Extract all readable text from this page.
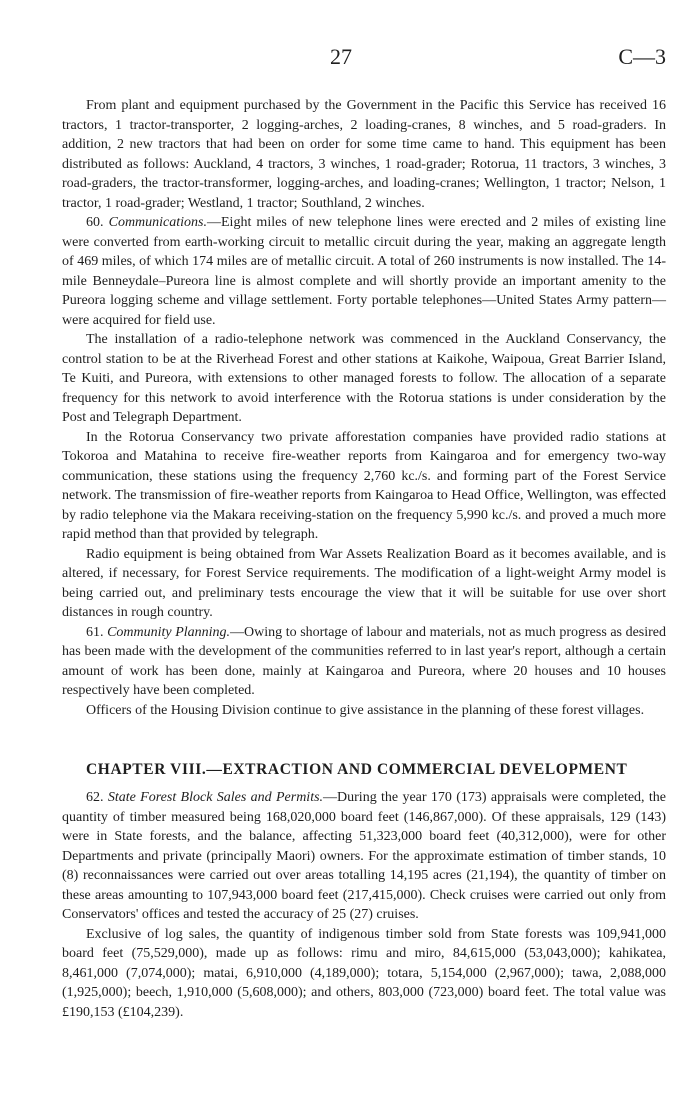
27	C—3

From plant and equipment purchased by the Government in the Pacific this Service has received 16 tractors, 1 tractor-transporter, 2 logging-arches, 2 loading-cranes, 8 winches, and 5 road-graders. In addition, 2 new tractors that had been on order for some time came to hand. This equipment has been distributed as follows: Auckland, 4 tractors, 3 winches, 1 road-grader; Rotorua, 11 tractors, 3 winches, 3 road-graders, the tractor-transformer, logging-arches, and loading-cranes; Wellington, 1 tractor; Nelson, 1 tractor, 1 road-grader; Westland, 1 tractor; Southland, 2 winches.

60. Communications.—Eight miles of new telephone lines were erected and 2 miles of existing line were converted from earth-working circuit to metallic circuit during the year, making an aggregate length of 469 miles, of which 174 miles are of metallic circuit. A total of 260 instruments is now installed. The 14-mile Benneydale–Pureora line is almost complete and will shortly provide an important amenity to the Pureora logging scheme and village settlement. Forty portable telephones—United States Army pattern—were acquired for field use.

The installation of a radio-telephone network was commenced in the Auckland Conservancy, the control station to be at the Riverhead Forest and other stations at Kaikohe, Waipoua, Great Barrier Island, Te Kuiti, and Pureora, with extensions to other managed forests to follow. The allocation of a separate frequency for this network to avoid interference with the Rotorua stations is under consideration by the Post and Telegraph Department.

In the Rotorua Conservancy two private afforestation companies have provided radio stations at Tokoroa and Matahina to receive fire-weather reports from Kaingaroa and for emergency two-way communication, these stations using the frequency 2,760 kc./s. and forming part of the Forest Service network. The transmission of fire-weather reports from Kaingaroa to Head Office, Wellington, was effected by radio telephone via the Makara receiving-station on the frequency 5,990 kc./s. and proved a much more rapid method than that provided by telegraph.

Radio equipment is being obtained from War Assets Realization Board as it becomes available, and is altered, if necessary, for Forest Service requirements. The modification of a light-weight Army model is being carried out, and preliminary tests encourage the view that it will be suitable for use over short distances in rough country.

61. Community Planning.—Owing to shortage of labour and materials, not as much progress as desired has been made with the development of the communities referred to in last year's report, although a certain amount of work has been done, mainly at Kaingaroa and Pureora, where 20 houses and 10 houses respectively have been completed.

Officers of the Housing Division continue to give assistance in the planning of these forest villages.

CHAPTER VIII.—EXTRACTION AND COMMERCIAL DEVELOPMENT

62. State Forest Block Sales and Permits.—During the year 170 (173) appraisals were completed, the quantity of timber measured being 168,020,000 board feet (146,867,000). Of these appraisals, 129 (143) were in State forests, and the balance, affecting 51,323,000 board feet (40,312,000), were for other Departments and private (principally Maori) owners. For the approximate estimation of timber stands, 10 (8) reconnaissances were carried out over areas totalling 14,195 acres (21,194), the quantity of timber on these areas amounting to 107,943,000 board feet (217,415,000). Check cruises were carried out only from Conservators' offices and tested the accuracy of 25 (27) cruises.

Exclusive of log sales, the quantity of indigenous timber sold from State forests was 109,941,000 board feet (75,529,000), made up as follows: rimu and miro, 84,615,000 (53,043,000); kahikatea, 8,461,000 (7,074,000); matai, 6,910,000 (4,189,000); totara, 5,154,000 (2,967,000); tawa, 2,088,000 (1,925,000); beech, 1,910,000 (5,608,000); and others, 803,000 (723,000) board feet. The total value was £190,153 (£104,239).
